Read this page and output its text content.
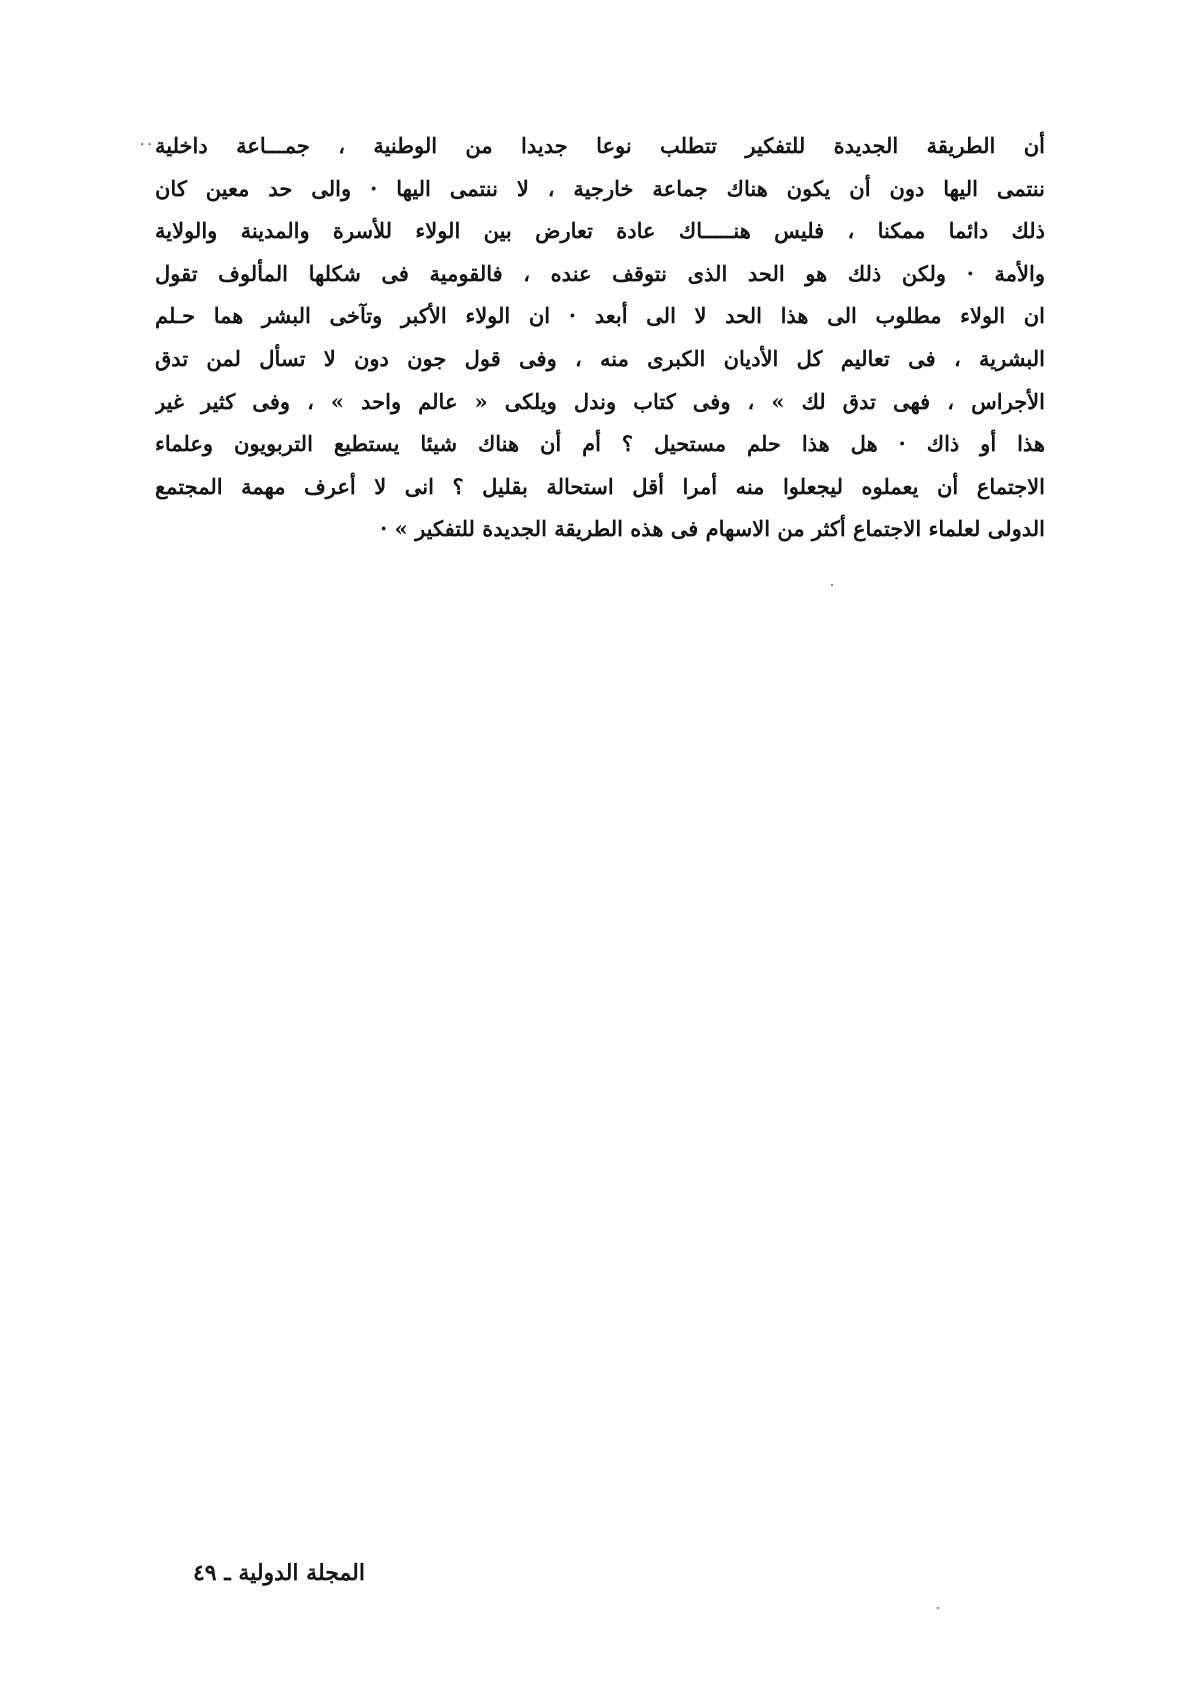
.. أن الطريقة الجديدة للتفكير تتطلب نوعا جديدا من الوطنية ، جمـــاعة داخلية
ننتمى اليها دون أن يكون هناك جماعة خارجية ، لا ننتمى اليها · والى حد معين كان
ذلك دائما ممكنا ، فليس هنـــــاك عادة تعارض بين الولاء للأسرة والمدينة والولاية
والأمة · ولكن ذلك هو الحد الذى نتوقف عنده ، فالقومية فى شكلها المألوف تقول
ان الولاء مطلوب الى هذا الحد لا الى أبعد · ان الولاء الأكبر وتآخى البشر هما حـلم
البشرية ، فى تعاليم كل الأديان الكبرى منه ، وفى قول جون دون لا تسأل لمن تدق
الأجراس ، فهى تدق لك » ، وفى كتاب وندل ويلكى « عالم واحد » ، وفى كثير غير
هذا أو ذاك · هل هذا حلم مستحيل ؟ أم أن هناك شيئا يستطيع التربويون وعلماء
الاجتماع أن يعملوه ليجعلوا منه أمرا أقل استحالة بقليل ؟ انى لا أعرف مهمة المجتمع
الدولى لعلماء الاجتماع أكثر من الاسهام فى هذه الطريقة الجديدة للتفكير » ·
المجلة الدولية ـ ٤٩
